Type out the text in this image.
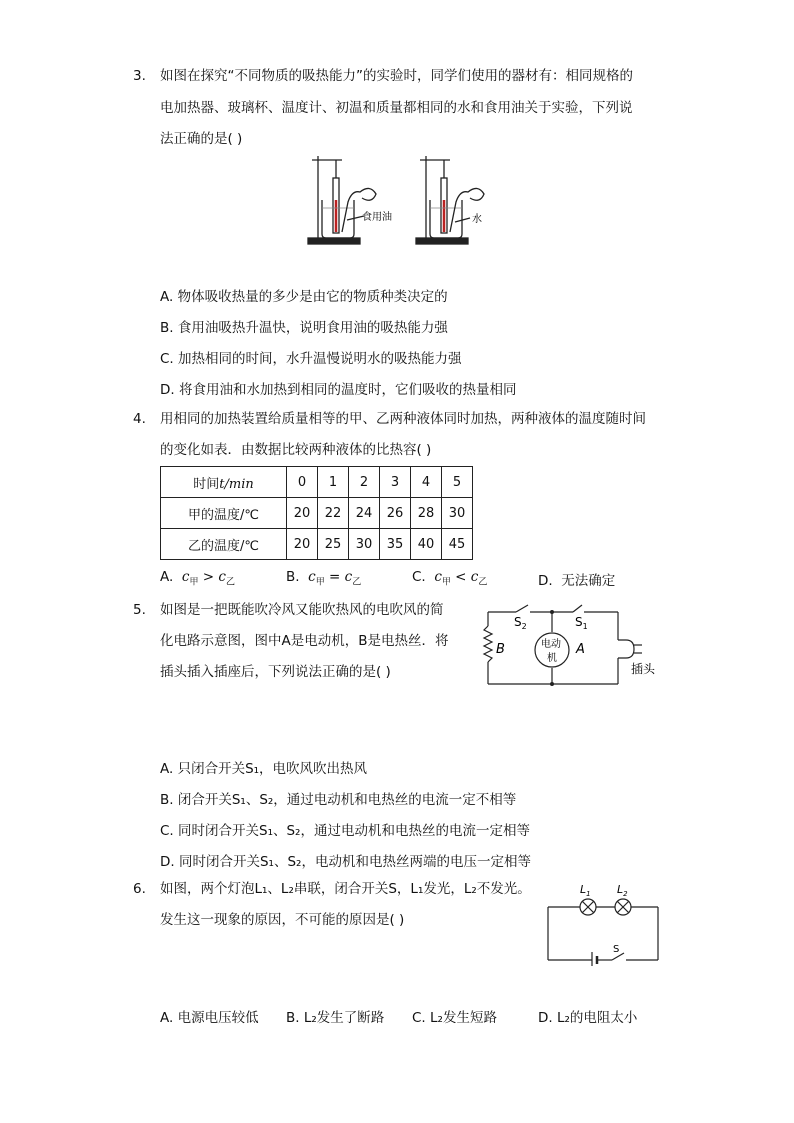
3. 如图在探究“不同物质的吸热能力”的实验时，同学们使用的器材有：相同规格的
电加热器、玻璃杯、温度计、初温和质量都相同的水和食用油关于实验，下列说
法正确的是( )
食用油	水
A. 物体吸收热量的多少是由它的物质种类决定的
B. 食用油吸热升温快，说明食用油的吸热能力强
C. 加热相同的时间，水升温慢说明水的吸热能力强
D. 将食用油和水加热到相同的温度时，它们吸收的热量相同
4. 用相同的加热装置给质量相等的甲、乙两种液体同时加热，两种液体的温度随时间
的变化如表．由数据比较两种液体的比热容( )
时间t/min	0	1	2	3	4	5
甲的温度/℃	20	22	24	26	28	30
乙的温度/℃	20	25	30	35	40	45
A. $c_甲 > c_乙$	B. $c_甲 = c_乙$	C. $c_甲 < c_乙$	D. 无法确定
5. 如图是一把既能吹冷风又能吹热风的电吹风的简
化电路示意图，图中A是电动机，B是电热丝．将
插头插入插座后，下列说法正确的是( )
$S_2$	$S_1$
B	A
电动
机
插头
A. 只闭合开关S₁，电吹风吹出热风
B. 闭合开关S₁、S₂，通过电动机和电热丝的电流一定不相等
C. 同时闭合开关S₁、S₂，通过电动机和电热丝的电流一定相等
D. 同时闭合开关S₁、S₂，电动机和电热丝两端的电压一定相等
6. 如图，两个灯泡L₁、L₂串联，闭合开关S，L₁发光，L₂不发光。
发生这一现象的原因，不可能的原因是( )
$L_1$ $L_2$
S
A. 电源电压较低 B. L₂发生了断路 C. L₂发生短路	D. L₂的电阻太小
